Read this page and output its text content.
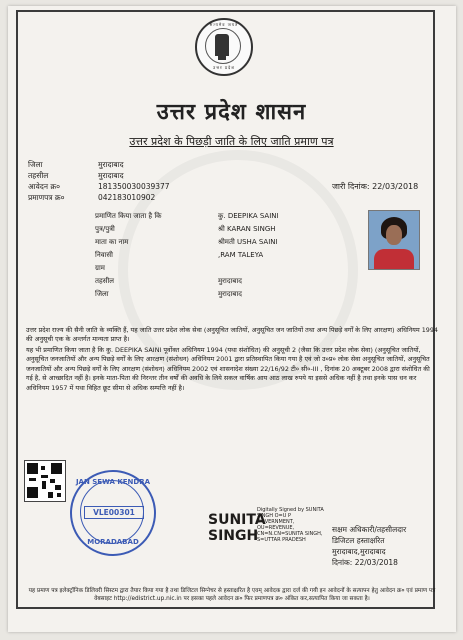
सत्यमेव जयते
उत्तर प्रदेश
उत्तर प्रदेश शासन
उत्तर प्रदेश के पिछड़ी जाति के लिए जाति प्रमाण पत्र
जिला	मुरादाबाद
तहसील	मुरादाबाद
आवेदन क्र०	181350030039377
प्रमाणपत्र क्र०	042183010902
जारी दिनांक: 22/03/2018
प्रमाणित किया जाता है कि	कु. DEEPIKA SAINI
पुत्र/पुत्री	श्री KARAN SINGH
माता का नाम	श्रीमती USHA SAINI
निवासी	,RAM TALEYA
ग्राम
तहसील	मुरादाबाद
जिला	मुरादाबाद
उत्तर प्रदेश राज्य की सैनी जाति के व्यक्ति हैं, यह जाति उत्तर प्रदेश लोक सेवा (अनुसूचित जातियों, अनुसूचित जन जातियों तथा अन्य पिछड़े वर्गों के लिए आरक्षण) अधिनियम 1994 की अनुसूची एक के अन्तर्गत मान्यता प्राप्त है।
यह भी प्रमाणित किया जाता है कि कु. DEEPIKA SAINI पूर्वोक्त अधिनियम 1994 (यथा संशोधित) की अनुसूची 2 (जैसा कि उत्तर प्रदेश लोक सेवा) (अनुसूचित जातियों, अनुसूचित जनजातियों और अन्य पिछड़े वर्गों के लिए आरक्षण (संशोधन) अधिनियम 2001 द्वारा प्रतिस्थापित किया गया है एवं जो उ०प्र० लोक सेवा अनुसूचित जातियों, अनुसूचित जनजातियों और अन्य पिछड़े वर्गों के लिए आरक्षण (संशोधन) अधिनियम 2002 एवं शासनादेश संख्या 22/16/92 टी० सी०-III , दिनांक 20 अक्टूबर 2008 द्वारा संशोधित की गई है, से आच्छादित नहीं है। इनके माता-पिता की निरन्तर तीन वर्षों की अवधि के लिये सकल वार्षिक आय आठ लाख रुपये या इससे अधिक नहीं है तथा इनके पास धन कर अधिनियम 1957 में यथा विहित छूट सीमा से अधिक सम्पत्ति नहीं है।
JAN SEWA KENDRA
VLE00301
MORADABAD
SUNITA
SINGH
Digitally Signed by SUNITA SINGH O=U P GOVERNMENT, OU=REVENUE, CN=N.CN=SUNITA SINGH, S=UTTAR PRADESH
सक्षम अधिकारी/तहसीलदार
डिजिटल हस्ताक्षरित
मुरादाबाद,मुरादाबाद
दिनांक: 22/03/2018
यह प्रमाण पत्र इलेक्ट्रॉनिक डिलिवरी सिस्टम द्वारा तैयार किया गया है तथा डिजिटल सिग्नेचर से हस्ताक्षरित है एवम् आवेदक द्वारा दर्ज की गयी इन आवेदनों के सत्यापन हेतु आवेदन क्र० एवं प्रमाण पत्र वेबसाइट http://edistrict.up.nic.in पर इसका पहले आवेदन क्र० फिर प्रमाणपत्र क्र० अंकित कर,सत्यापित किया जा सकता है।
